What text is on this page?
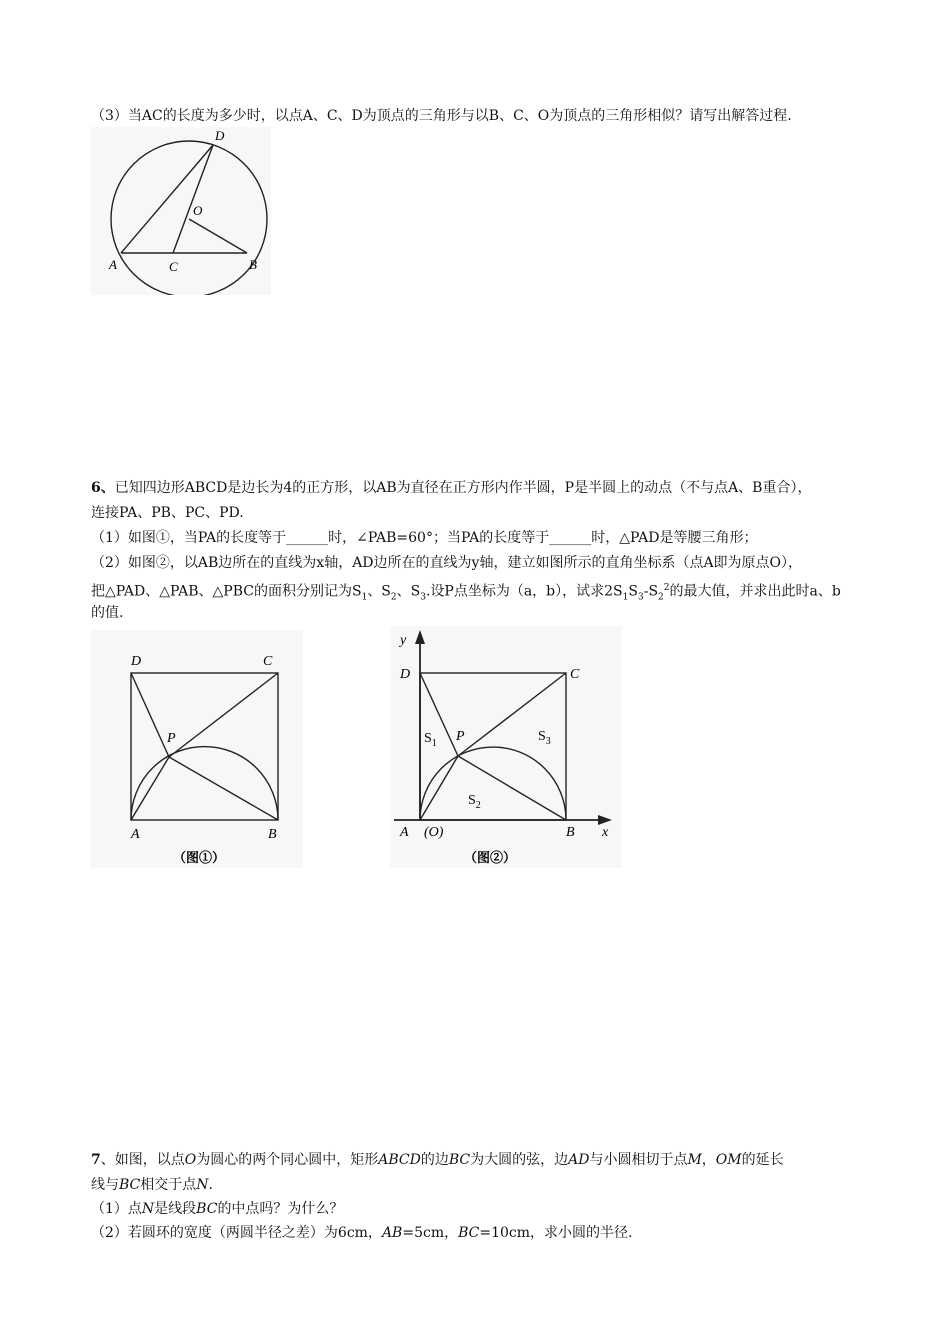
（3）当AC的长度为多少时，以点A、C、D为顶点的三角形与以B、C、O为顶点的三角形相似？请写出解答过程.
D
O
A	C	B
6、已知四边形ABCD是边长为4的正方形，以AB为直径在正方形内作半圆，P是半圆上的动点（不与点A、B重合），
连接PA、PB、PC、PD.
（1）如图①，当PA的长度等于______时，∠PAB=60°；当PA的长度等于______时，△PAD是等腰三角形；
（2）如图②，以AB边所在的直线为x轴，AD边所在的直线为y轴，建立如图所示的直角坐标系（点A即为原点O），
把△PAD、△PAB、△PBC的面积分别记为$S_1$、$S_2$、$S_3$.设P点坐标为（a，b），试求$2S_1S_3-S_2^2$的最大值，并求出此时a、b
的值.
D	C
P
A	B
（图①）
y
D	C
$S_1$ P	$S_3$
$S_2$
A (O)	B x
（图②）
7、如图，以点O为圆心的两个同心圆中，矩形ABCD的边BC为大圆的弦，边AD与小圆相切于点M，OM的延长
线与BC相交于点N.
（1）点N是线段BC的中点吗？为什么？
（2）若圆环的宽度（两圆半径之差）为6cm，AB=5cm，BC=10cm，求小圆的半径.
